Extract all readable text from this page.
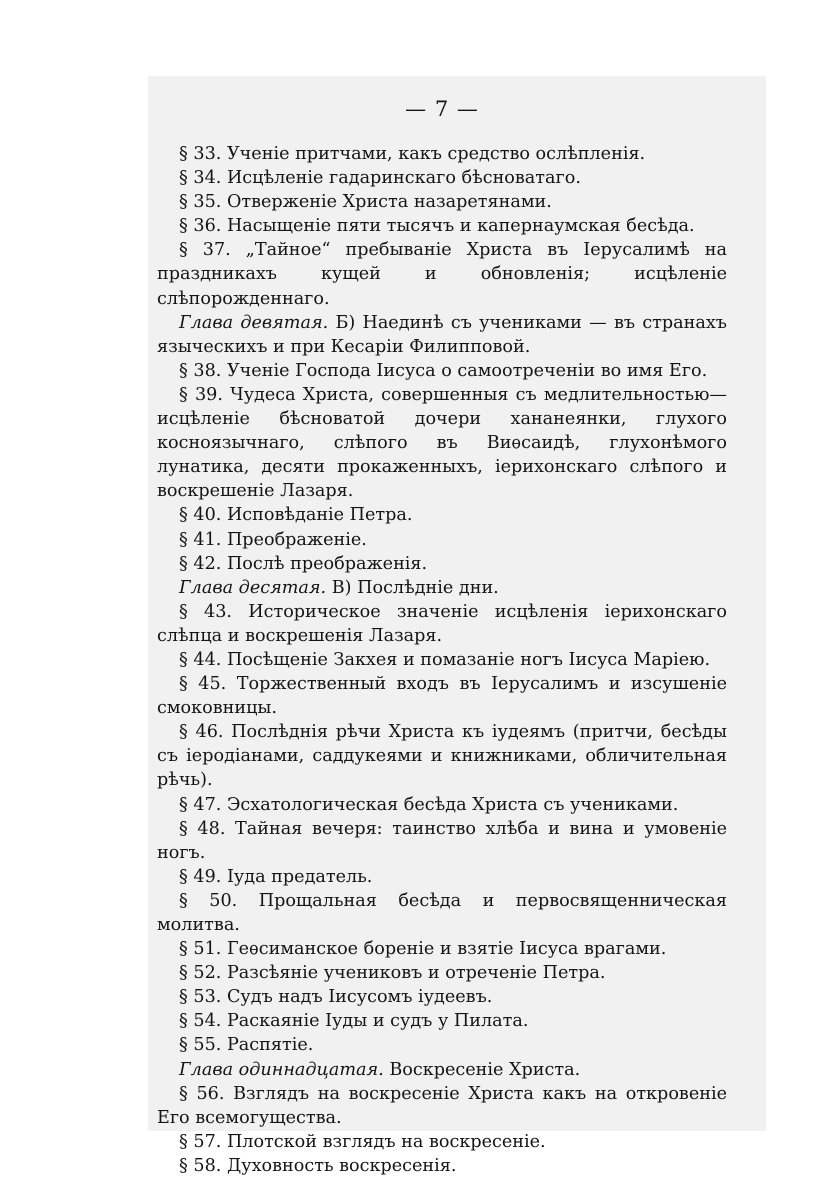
— 7 —
§ 33. Ученіе притчами, какъ средство ослѣпленія.
§ 34. Исцѣленіе гадаринскаго бѣсноватаго.
§ 35. Отверженіе Христа назаретянами.
§ 36. Насыщеніе пяти тысячъ и капернаумская бесѣда.
§ 37. „Тайное“ пребываніе Христа въ Іерусалимѣ на праздникахъ кущей и обновленія; исцѣленіе слѣпорожденнаго.
Глава девятая. Б) Наединѣ съ учениками — въ странахъ языческихъ и при Кесаріи Филипповой.
§ 38. Ученіе Господа Іисуса о самоотреченіи во имя Его.
§ 39. Чудеса Христа, совершенныя съ медлительностью— исцѣленіе бѣсноватой дочери хананеянки, глухого косноязычнаго, слѣпого въ Виѳсаидѣ, глухонѣмого лунатика, десяти прокаженныхъ, іерихонскаго слѣпого и воскрешеніе Лазаря.
§ 40. Исповѣданіе Петра.
§ 41. Преображеніе.
§ 42. Послѣ преображенія.
Глава десятая. В) Послѣдніе дни.
§ 43. Историческое значеніе исцѣленія іерихонскаго слѣпца и воскрешенія Лазаря.
§ 44. Посѣщеніе Закхея и помазаніе ногъ Іисуса Маріею.
§ 45. Торжественный входъ въ Іерусалимъ и изсушеніе смоковницы.
§ 46. Послѣднія рѣчи Христа къ іудеямъ (притчи, бесѣды съ іеродіанами, саддукеями и книжниками, обличительная рѣчь).
§ 47. Эсхатологическая бесѣда Христа съ учениками.
§ 48. Тайная вечеря: таинство хлѣба и вина и умовеніе ногъ.
§ 49. Іуда предатель.
§ 50. Прощальная бесѣда и первосвященническая молитва.
§ 51. Геѳсиманское бореніе и взятіе Іисуса врагами.
§ 52. Разсѣяніе учениковъ и отреченіе Петра.
§ 53. Судъ надъ Іисусомъ іудеевъ.
§ 54. Раскаяніе Іуды и судъ у Пилата.
§ 55. Распятіе.
Глава одиннадцатая. Воскресеніе Христа.
§ 56. Взглядъ на воскресеніе Христа какъ на откровеніе Его всемогущества.
§ 57. Плотской взглядъ на воскресеніе.
§ 58. Духовность воскресенія.
